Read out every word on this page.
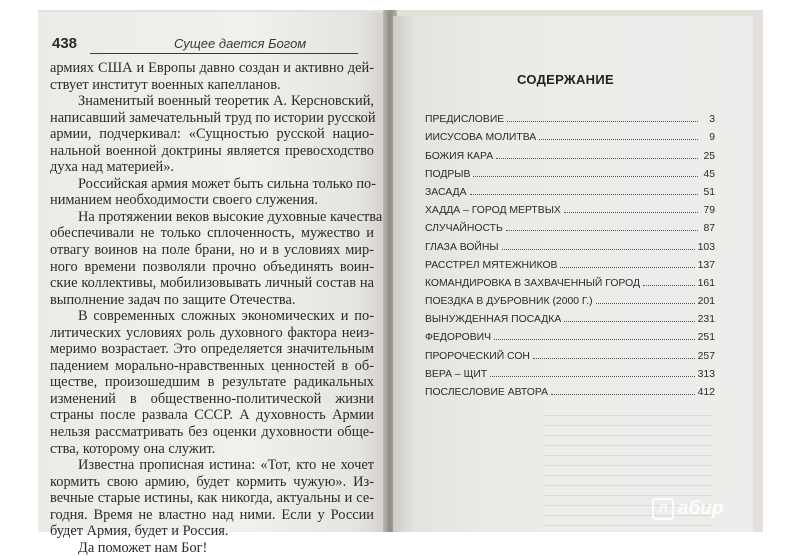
438	Сущее дается Богом
армиях США и Европы давно создан и активно дей-
ствует институт военных капелланов.
Знаменитый военный теоретик А. Керсновский,
написавший замечательный труд по истории русской
армии, подчеркивал: «Сущностью русской нацио-
нальной военной доктрины является превосходство
духа над материей».
Российская армия может быть сильна только по-
ниманием необходимости своего служения.
На протяжении веков высокие духовные качества
обеспечивали не только сплоченность, мужество и
отвагу воинов на поле брани, но и в условиях мир-
ного времени позволяли прочно объединять воин-
ские коллективы, мобилизовывать личный состав на
выполнение задач по защите Отечества.
В современных сложных экономических и по-
литических условиях роль духовного фактора неиз-
меримо возрастает. Это определяется значительным
падением морально-нравственных ценностей в об-
ществе, произошедшим в результате радикальных
изменений в общественно-политической жизни
страны после развала СССР. А духовность Армии
нельзя рассматривать без оценки духовности обще-
ства, которому она служит.
Известна прописная истина: «Тот, кто не хочет
кормить свою армию, будет кормить чужую». Из-
вечные старые истины, как никогда, актуальны и се-
годня. Время не властно над ними. Если у России
будет Армия, будет и Россия.
Да поможет нам Бог!
СОДЕРЖАНИЕ
ПРЕДИСЛОВИЕ	3
ИИСУСОВА МОЛИТВА	9
БОЖИЯ КАРА	25
ПОДРЫВ	45
ЗАСАДА	51
ХАДДА – ГОРОД МЕРТВЫХ	79
СЛУЧАЙНОСТЬ	87
ГЛАЗА ВОЙНЫ	103
РАССТРЕЛ МЯТЕЖНИКОВ	137
КОМАНДИРОВКА В ЗАХВАЧЕННЫЙ ГОРОД	161
ПОЕЗДКА В ДУБРОВНИК (2000 Г.)	201
ВЫНУЖДЕННАЯ ПОСАДКА	231
ФЕДОРОВИЧ	251
ПРОРОЧЕСКИЙ СОН	257
ВЕРА – ЩИТ	313
ПОСЛЕСЛОВИЕ АВТОРА	412
Л абир
